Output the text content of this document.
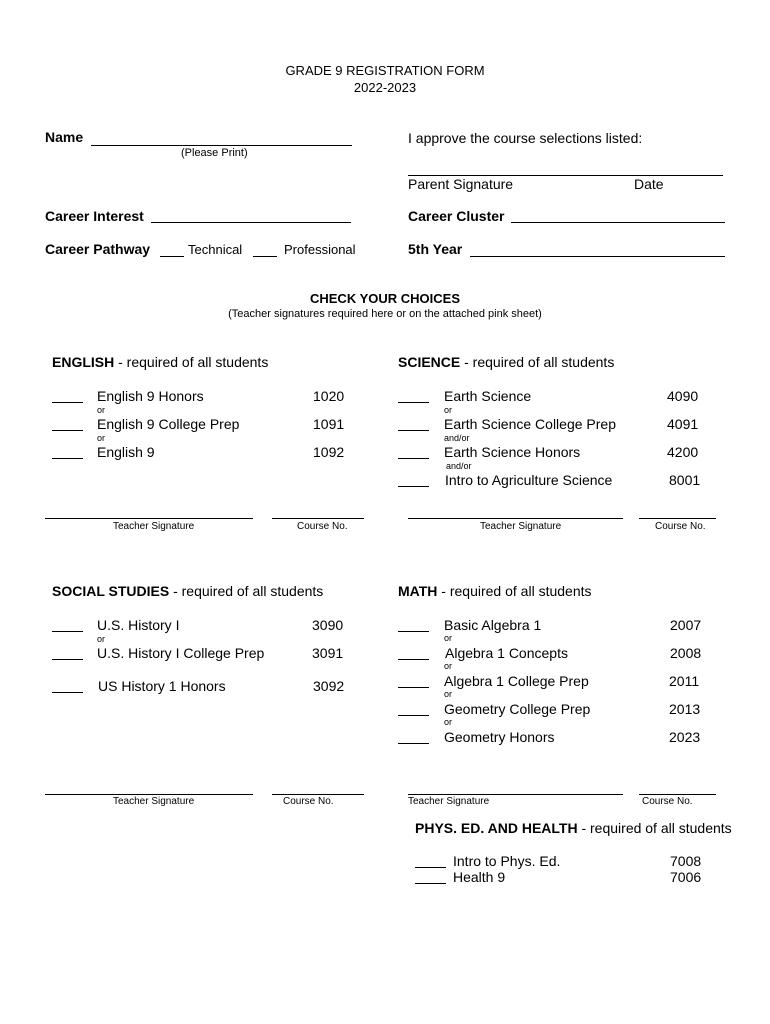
GRADE 9 REGISTRATION FORM
2022-2023
Name
(Please Print)
I approve the course selections listed:
Parent Signature	Date
Career Interest	Career Cluster
Career Pathway	Technical	Professional	5th Year
CHECK YOUR CHOICES
(Teacher signatures required here or on the attached pink sheet)
ENGLISH - required of all students
English 9 Honors	1020
or
English 9 College Prep	1091
or
English 9	1092
Teacher Signature	Course No.
SCIENCE - required of all students
Earth Science	4090
or
Earth Science College Prep	4091
and/or
Earth Science Honors	4200
and/or
Intro to Agriculture Science	8001
Teacher Signature	Course No.
SOCIAL STUDIES - required of all students
U.S. History I	3090
or
U.S. History I College Prep	3091
US History 1 Honors	3092
Teacher Signature	Course No.
MATH - required of all students
Basic Algebra 1	2007
or
Algebra 1 Concepts	2008
or
Algebra 1 College Prep	2011
or
Geometry College Prep	2013
or
Geometry Honors	2023
Teacher Signature	Course No.
PHYS. ED. AND HEALTH - required of all students
Intro to Phys. Ed.	7008
Health 9	7006
